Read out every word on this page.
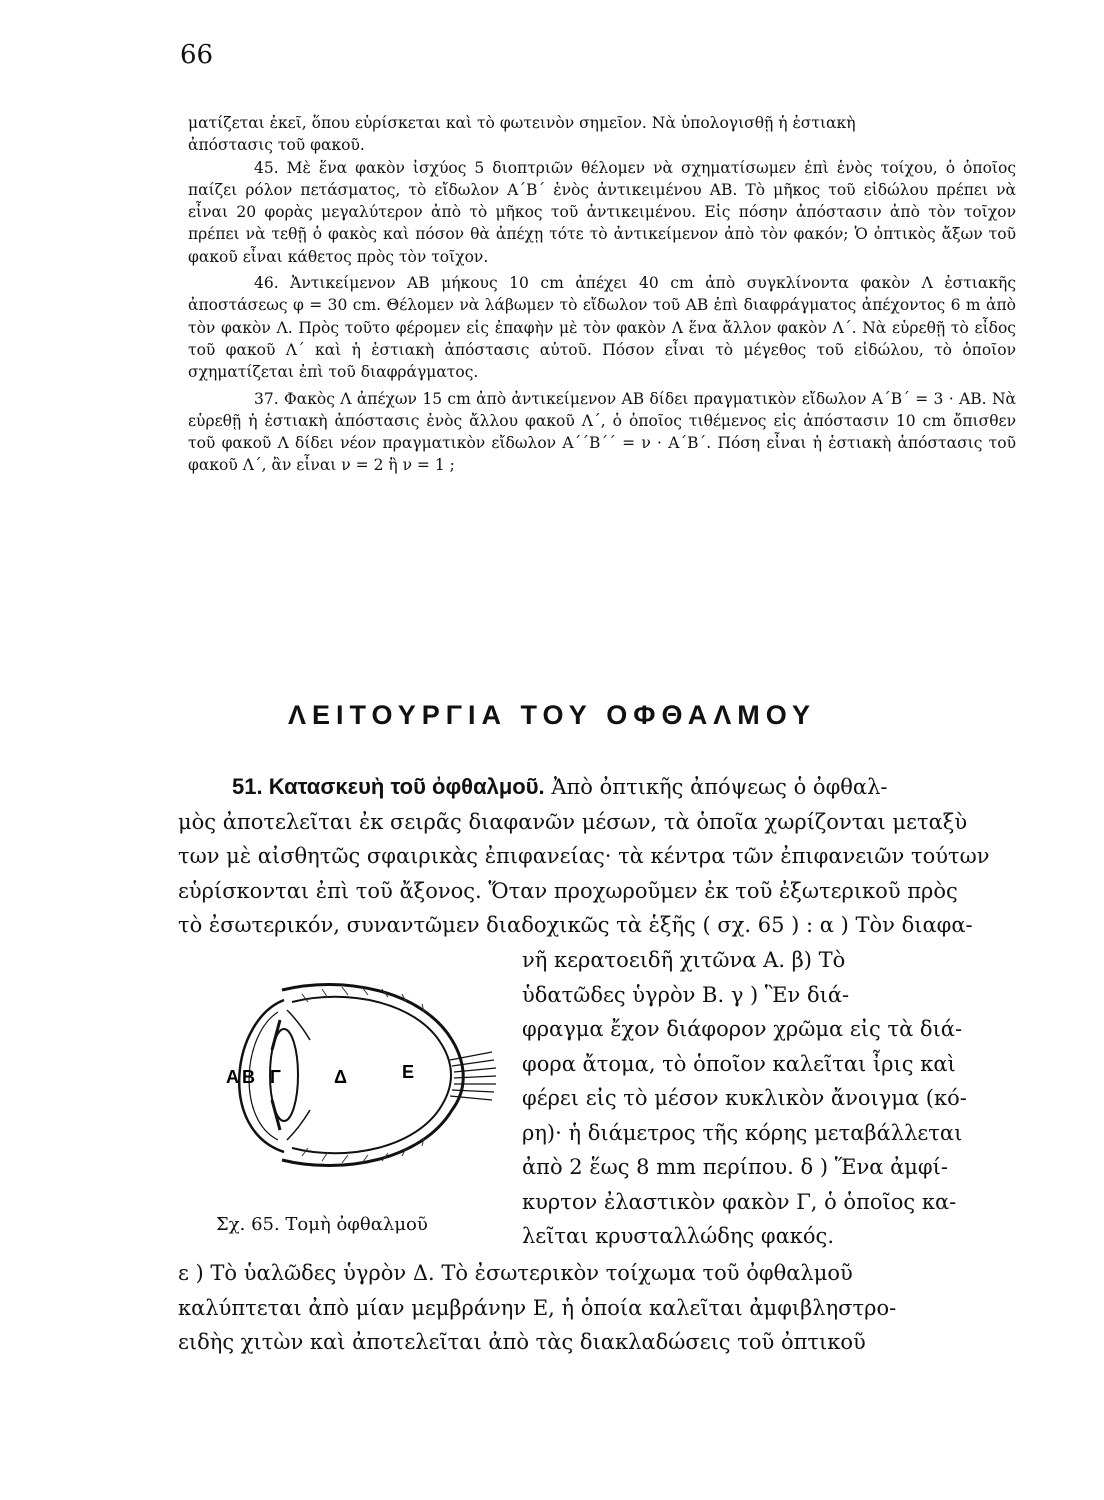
66

ματίζεται ἐκεῖ, ὅπου εὑρίσκεται καὶ τὸ φωτεινὸν σημεῖον. Νὰ ὑπολογισθῇ ἡ ἑστιακὴ

ἀπόστασις τοῦ φακοῦ.

45. Μὲ ἕνα φακὸν ἰσχύος 5 διοπτριῶν θέλομεν νὰ σχηματίσωμεν ἐπὶ ἑνὸς τοίχου, ὁ ὁποῖος παίζει ρόλον πετάσματος, τὸ εἴδωλον Α΄Β΄ ἑνὸς ἀντικειμένου ΑΒ. Τὸ μῆκος τοῦ εἰδώλου πρέπει νὰ εἶναι 20 φορὰς μεγαλύτερον ἀπὸ τὸ μῆκος τοῦ ἀντικειμένου. Εἰς πόσην ἀπόστασιν ἀπὸ τὸν τοῖχον πρέπει νὰ τεθῇ ὁ φακὸς καὶ πόσον θὰ ἀπέχῃ τότε τὸ ἀντικείμενον ἀπὸ τὸν φακόν; Ὁ ὀπτικὸς ἄξων τοῦ φακοῦ εἶναι κάθετος πρὸς τὸν τοῖχον.

46. Ἀντικείμενον ΑΒ μήκους 10 cm ἀπέχει 40 cm ἀπὸ συγκλίνοντα φακὸν Λ ἑστιακῆς ἀποστάσεως φ = 30 cm. Θέλομεν νὰ λάβωμεν τὸ εἴδωλον τοῦ ΑΒ ἐπὶ διαφράγματος ἀπέχοντος 6 m ἀπὸ τὸν φακὸν Λ. Πρὸς τοῦτο φέρομεν εἰς ἐπαφὴν μὲ τὸν φακὸν Λ ἕνα ἄλλον φακὸν Λ΄. Νὰ εὑρεθῇ τὸ εἶδος τοῦ φακοῦ Λ΄ καὶ ἡ ἑστιακὴ ἀπόστασις αὐτοῦ. Πόσον εἶναι τὸ μέγεθος τοῦ εἰδώλου, τὸ ὁποῖον σχηματίζεται ἐπὶ τοῦ διαφράγματος.

37. Φακὸς Λ ἀπέχων 15 cm ἀπὸ ἀντικείμενον ΑΒ δίδει πραγματικὸν εἴδωλον Α΄Β΄ = 3 · ΑΒ. Νὰ εὑρεθῇ ἡ ἑστιακὴ ἀπόστασις ἑνὸς ἄλλου φακοῦ Λ΄, ὁ ὁποῖος τιθέμενος εἰς ἀπόστασιν 10 cm ὄπισθεν τοῦ φακοῦ Λ δίδει νέον πραγματικὸν εἴδωλον Α΄΄Β΄΄ = ν · Α΄Β΄. Πόση εἶναι ἡ ἑστιακὴ ἀπόστασις τοῦ φακοῦ Λ΄, ἂν εἶναι ν = 2 ἢ ν = 1 ;

ΛΕΙΤΟΥΡΓΙΑ ΤΟΥ ΟΦΘΑΛΜΟΥ
51. Κατασκευὴ τοῦ ὀφθαλμοῦ. Ἀπὸ ὀπτικῆς ἀπόψεως ὁ ὀφθαλ-
μὸς ἀποτελεῖται ἐκ σειρᾶς διαφανῶν μέσων, τὰ ὁποῖα χωρίζονται μεταξὺ
των μὲ αἰσθητῶς σφαιρικὰς ἐπιφανείας· τὰ κέντρα τῶν ἐπιφανειῶν τούτων
εὑρίσκονται ἐπὶ τοῦ ἄξονος. Ὅταν προχωροῦμεν ἐκ τοῦ ἐξωτερικοῦ πρὸς
τὸ ἐσωτερικόν, συναντῶμεν διαδοχικῶς τὰ ἑξῆς ( σχ. 65 ) : α ) Τὸν διαφα-
νῆ κερατοειδῆ χιτῶνα Α. β) Τὸ
ὑδατῶδες ὑγρὸν Β. γ ) Ἓν διά-
φραγμα ἔχον διάφορον χρῶμα εἰς τὰ διά-
φορα ἄτομα, τὸ ὁποῖον καλεῖται ἶρις καὶ
φέρει εἰς τὸ μέσον κυκλικὸν ἄνοιγμα (κό-
ρη)· ἡ διάμετρος τῆς κόρης μεταβάλλεται
ἀπὸ 2 ἕως 8 mm περίπου. δ ) Ἕνα ἀμφί-
κυρτον ἐλαστικὸν φακὸν Γ, ὁ ὁποῖος κα-
λεῖται κρυσταλλώδης φακός.
ε ) Τὸ ὑαλῶδες ὑγρὸν Δ. Τὸ ἐσωτερικὸν τοίχωμα τοῦ ὀφθαλμοῦ
καλύπτεται ἀπὸ μίαν μεμβράνην Ε, ἡ ὁποία καλεῖται ἀμφιβληστρο-
ειδὴς χιτὼν καὶ ἀποτελεῖται ἀπὸ τὰς διακλαδώσεις τοῦ ὀπτικοῦ
A B Γ	Δ	E
Σχ. 65. Τομὴ ὀφθαλμοῦ
